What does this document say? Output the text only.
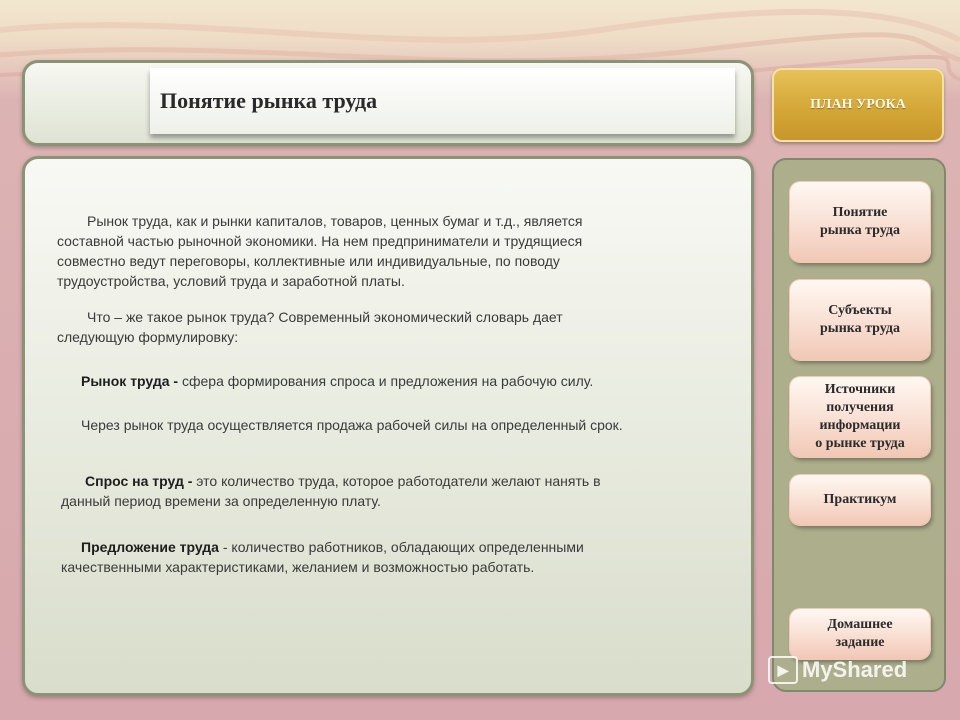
Понятие рынка труда
Рынок труда, как и рынки капиталов, товаров, ценных бумаг и т.д., является
составной частью рыночной экономики. На нем предприниматели и трудящиеся
совместно ведут переговоры, коллективные или индивидуальные, по поводу
трудоустройства, условий труда и заработной платы.
Что – же такое рынок труда? Современный экономический словарь дает
следующую формулировку:
Рынок труда - сфера формирования спроса и предложения на рабочую силу.
Через рынок труда осуществляется продажа рабочей силы на определенный срок.
Спрос на труд - это количество труда, которое работодатели желают нанять в
данный период времени за определенную плату.
Предложение труда - количество работников, обладающих определенными
качественными характеристиками, желанием и возможностью работать.
ПЛАН УРОКА
Понятие
рынка труда
Субъекты
рынка труда
Источники
получения
информации
о рынке труда
Практикум
Домашнее
задание
▶ MyShared
